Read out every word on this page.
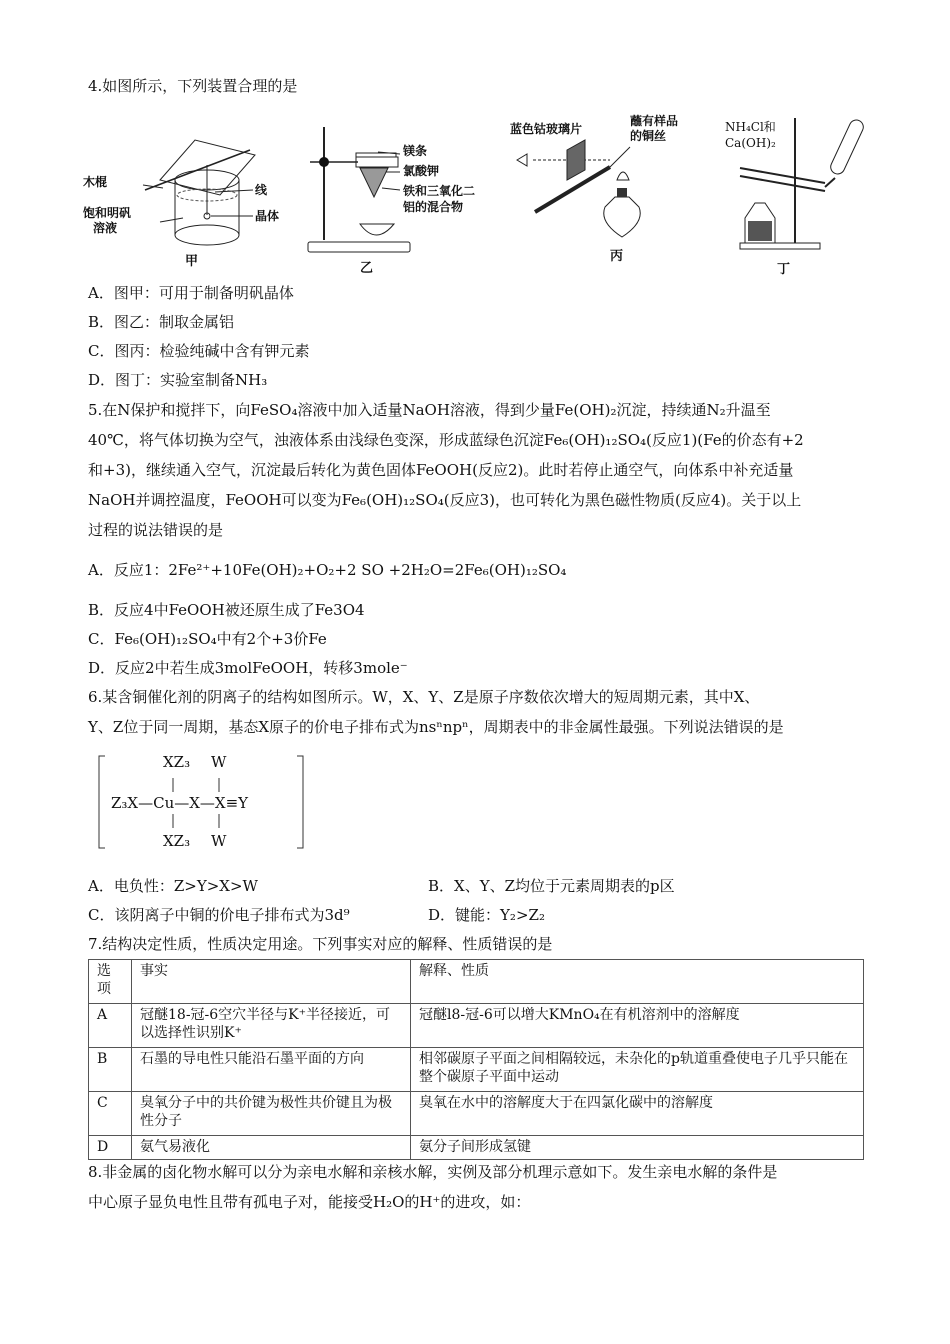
4.如图所示，下列装置合理的是
木棍
线
饱和明矾
溶液
晶体
甲
镁条
氯酸钾
铁和三氧化二
铝的混合物
乙
蓝色钴玻璃片
蘸有样品
的铜丝
丙
NH₄Cl和
Ca(OH)₂
丁
A．图甲：可用于制备明矾晶体
B．图乙：制取金属铝
C．图丙：检验纯碱中含有钾元素
D．图丁：实验室制备NH₃
5.在N保护和搅拌下，向FeSO₄溶液中加入适量NaOH溶液，得到少量Fe(OH)₂沉淀，持续通N₂升温至
40℃，将气体切换为空气，浊液体系由浅绿色变深，形成蓝绿色沉淀Fe₆(OH)₁₂SO₄(反应1)(Fe的价态有+2
和+3)，继续通入空气，沉淀最后转化为黄色固体FeOOH(反应2)。此时若停止通空气，向体系中补充适量
NaOH并调控温度，FeOOH可以变为Fe₆(OH)₁₂SO₄(反应3)，也可转化为黑色磁性物质(反应4)。关于以上
过程的说法错误的是
A．反应1：2Fe²⁺+10Fe(OH)₂+O₂+2 SO +2H₂O=2Fe₆(OH)₁₂SO₄
B．反应4中FeOOH被还原生成了Fe3O4
C．Fe₆(OH)₁₂SO₄中有2个+3价Fe
D．反应2中若生成3molFeOOH，转移3mole⁻
6.某含铜催化剂的阴离子的结构如图所示。W，X、Y、Z是原子序数依次增大的短周期元素，其中X、
Y、Z位于同一周期，基态X原子的价电子排布式为nsⁿnpⁿ，周期表中的非金属性最强。下列说法错误的是
XZ₃ W
Z₃X—Cu—X—X≡Y
XZ₃ W
A．电负性：Z>Y>X>W	B．X、Y、Z均位于元素周期表的p区
C．该阴离子中铜的价电子排布式为3d⁹	D．键能：Y₂>Z₂
7.结构决定性质，性质决定用途。下列事实对应的解释、性质错误的是
选项	事实	解释、性质
A	冠醚18-冠-6空穴半径与K⁺半径接近，可以选择性识别K⁺	冠醚l8-冠-6可以增大KMnO₄在有机溶剂中的溶解度
B	石墨的导电性只能沿石墨平面的方向	相邻碳原子平面之间相隔较远，未杂化的p轨道重叠使电子几乎只能在整个碳原子平面中运动
C	臭氧分子中的共价键为极性共价键且为极性分子	臭氧在水中的溶解度大于在四氯化碳中的溶解度
D	氨气易液化	氨分子间形成氢键
8.非金属的卤化物水解可以分为亲电水解和亲核水解，实例及部分机理示意如下。发生亲电水解的条件是
中心原子显负电性且带有孤电子对，能接受H₂O的H⁺的进攻，如：
